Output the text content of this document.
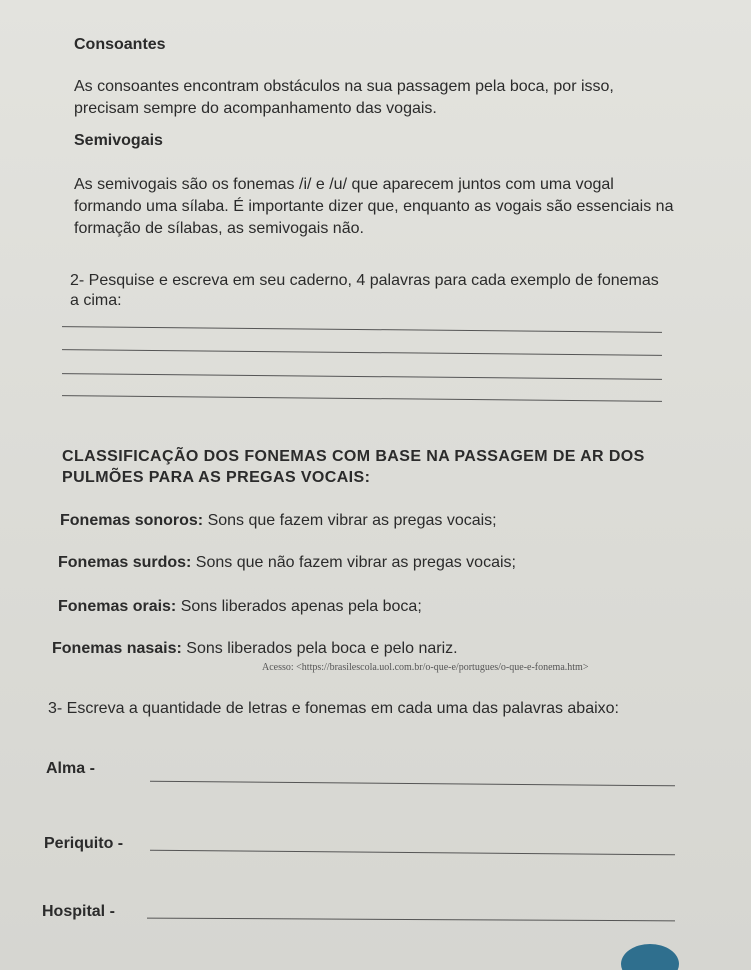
Consoantes
As consoantes encontram obstáculos na sua passagem pela boca, por isso,
precisam sempre do acompanhamento das vogais.
Semivogais
As semivogais são os fonemas /i/ e /u/ que aparecem juntos com uma vogal
formando uma sílaba. É importante dizer que, enquanto as vogais são essenciais na
formação de sílabas, as semivogais não.
2- Pesquise e escreva em seu caderno, 4 palavras para cada exemplo de fonemas
a cima:
CLASSIFICAÇÃO DOS FONEMAS COM BASE NA PASSAGEM DE AR DOS
PULMÕES PARA AS PREGAS VOCAIS:
Fonemas sonoros: Sons que fazem vibrar as pregas vocais;
Fonemas surdos: Sons que não fazem vibrar as pregas vocais;
Fonemas orais: Sons liberados apenas pela boca;
Fonemas nasais: Sons liberados pela boca e pelo nariz.
Acesso: <https://brasilescola.uol.com.br/o-que-e/portugues/o-que-e-fonema.htm>
3- Escreva a quantidade de letras e fonemas em cada uma das palavras abaixo:
Alma -
Periquito -
Hospital -
